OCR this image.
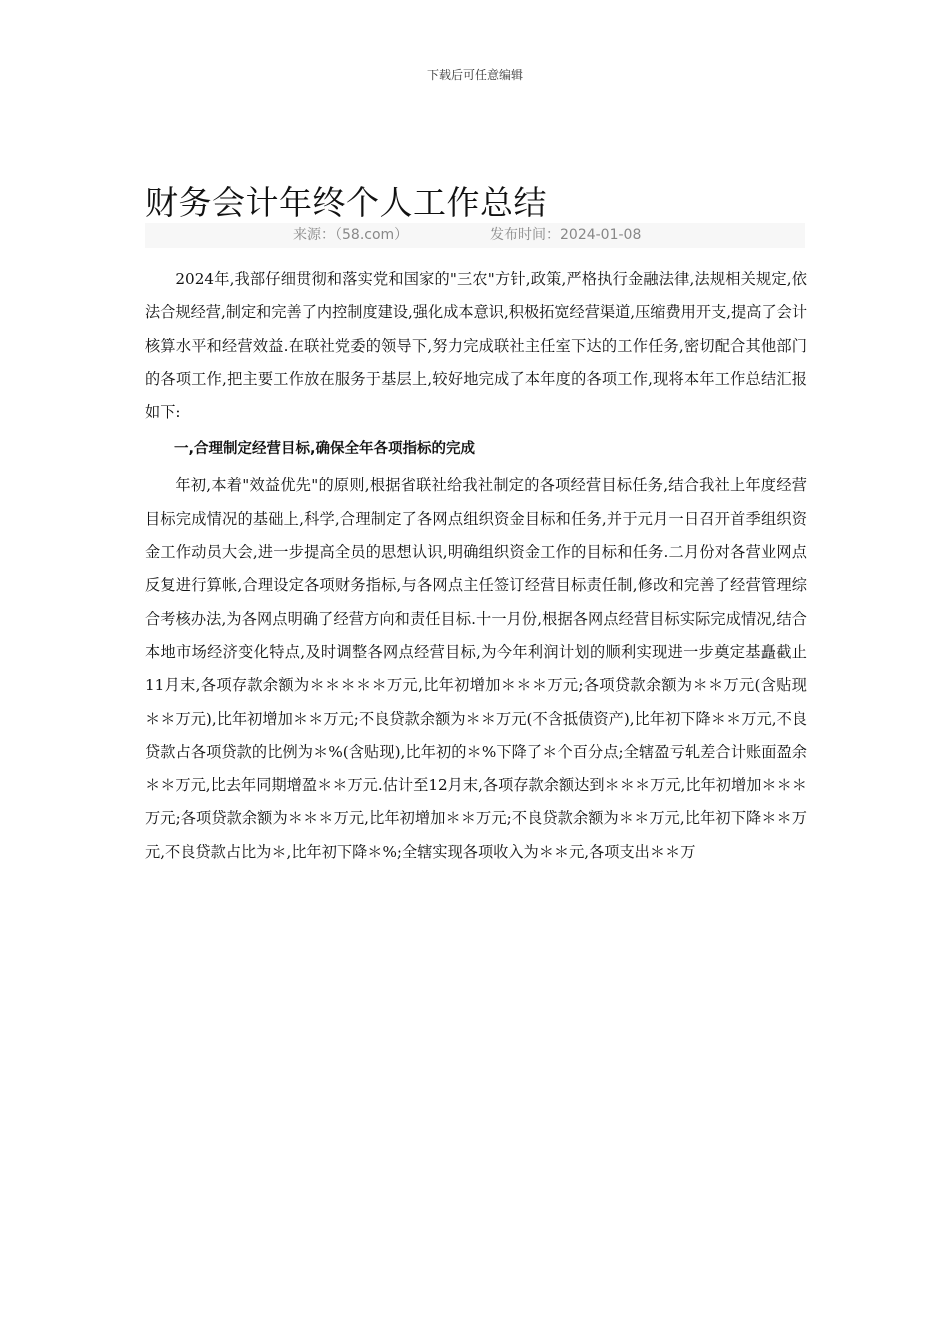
下载后可任意编辑
财务会计年终个人工作总结
来源：（58.com）	发布时间：2024-01-08

2024年,我部仔细贯彻和落实党和国家的"三农"方针,政策,严格执行金融法律,法规相关规定,依法合规经营,制定和完善了内控制度建设,强化成本意识,积极拓宽经营渠道,压缩费用开支,提高了会计核算水平和经营效益.在联社党委的领导下,努力完成联社主任室下达的工作任务,密切配合其他部门的各项工作,把主要工作放在服务于基层上,较好地完成了本年度的各项工作,现将本年工作总结汇报如下:

一,合理制定经营目标,确保全年各项指标的完成

年初,本着"效益优先"的原则,根据省联社给我社制定的各项经营目标任务,结合我社上年度经营目标完成情况的基础上,科学,合理制定了各网点组织资金目标和任务,并于元月一日召开首季组织资金工作动员大会,进一步提高全员的思想认识,明确组织资金工作的目标和任务.二月份对各营业网点反复进行算帐,合理设定各项财务指标,与各网点主任签订经营目标责任制,修改和完善了经营管理综合考核办法,为各网点明确了经营方向和责任目标.十一月份,根据各网点经营目标实际完成情况,结合本地市场经济变化特点,及时调整各网点经营目标,为今年利润计划的顺利实现进一步奠定基矗截止11月末,各项存款余额为＊＊＊＊＊万元,比年初增加＊＊＊万元;各项贷款余额为＊＊万元(含贴现＊＊万元),比年初增加＊＊万元;不良贷款余额为＊＊万元(不含抵债资产),比年初下降＊＊万元,不良贷款占各项贷款的比例为＊%(含贴现),比年初的＊%下降了＊个百分点;全辖盈亏轧差合计账面盈余＊＊万元,比去年同期增盈＊＊万元.估计至12月末,各项存款余额达到＊＊＊万元,比年初增加＊＊＊万元;各项贷款余额为＊＊＊万元,比年初增加＊＊万元;不良贷款余额为＊＊万元,比年初下降＊＊万元,不良贷款占比为＊,比年初下降＊%;全辖实现各项收入为＊＊元,各项支出＊＊万
